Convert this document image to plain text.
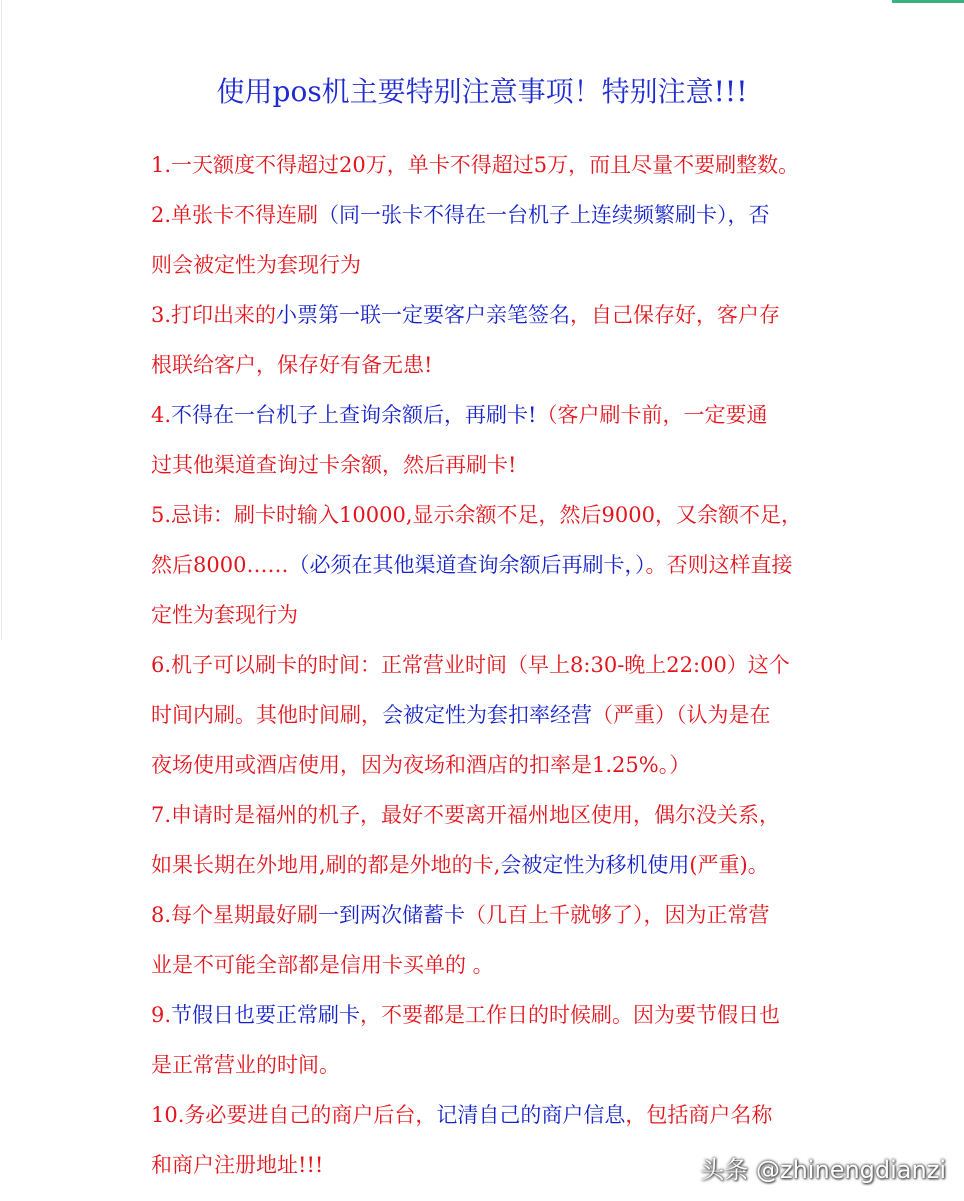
使用pos机主要特别注意事项！特别注意!!!
1.一天额度不得超过20万，单卡不得超过5万，而且尽量不要刷整数。
2.单张卡不得连刷（同一张卡不得在一台机子上连续频繁刷卡），否
则会被定性为套现行为
3.打印出来的小票第一联一定要客户亲笔签名，自己保存好，客户存
根联给客户，保存好有备无患!
4.不得在一台机子上查询余额后，再刷卡!（客户刷卡前，一定要通
过其他渠道查询过卡余额，然后再刷卡!
5.忌讳：刷卡时输入10000,显示余额不足，然后9000，又余额不足，
然后8000……（必须在其他渠道查询余额后再刷卡，）。否则这样直接
定性为套现行为
6.机子可以刷卡的时间：正常营业时间（早上8:30-晚上22:00）这个
时间内刷。其他时间刷，会被定性为套扣率经营（严重）（认为是在
夜场使用或酒店使用，因为夜场和酒店的扣率是1.25%。）
7.申请时是福州的机子，最好不要离开福州地区使用，偶尔没关系，
如果长期在外地用,刷的都是外地的卡,会被定性为移机使用(严重)。
8.每个星期最好刷一到两次储蓄卡（几百上千就够了），因为正常营
业是不可能全部都是信用卡买单的 。
9.节假日也要正常刷卡，不要都是工作日的时候刷。因为要节假日也
是正常营业的时间。
10.务必要进自己的商户后台，记清自己的商户信息，包括商户名称
和商户注册地址!!!	头条 @zhinengdianzi
